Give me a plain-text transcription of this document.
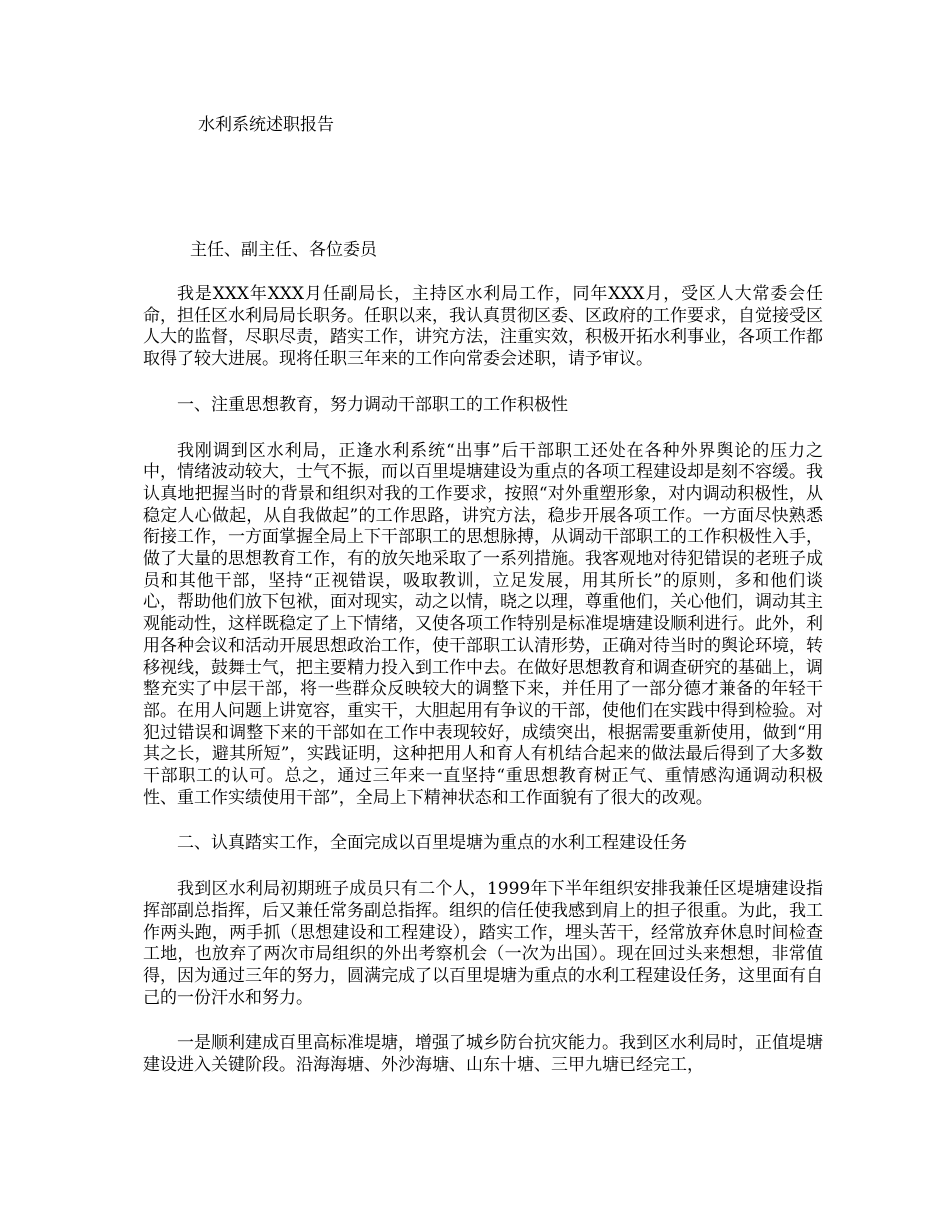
水利系统述职报告

主任、副主任、各位委员

我是XXX年XXX月任副局长，主持区水利局工作，同年XXX月，受区人大常委会任命，担任区水利局局长职务。任职以来，我认真贯彻区委、区政府的工作要求，自觉接受区人大的监督，尽职尽责，踏实工作，讲究方法，注重实效，积极开拓水利事业，各项工作都取得了较大进展。现将任职三年来的工作向常委会述职，请予审议。

一、注重思想教育，努力调动干部职工的工作积极性

我刚调到区水利局，正逢水利系统“出事”后干部职工还处在各种外界舆论的压力之中，情绪波动较大，士气不振，而以百里堤塘建设为重点的各项工程建设却是刻不容缓。我认真地把握当时的背景和组织对我的工作要求，按照“对外重塑形象，对内调动积极性，从稳定人心做起，从自我做起”的工作思路，讲究方法，稳步开展各项工作。一方面尽快熟悉衔接工作，一方面掌握全局上下干部职工的思想脉搏，从调动干部职工的工作积极性入手，做了大量的思想教育工作，有的放矢地采取了一系列措施。我客观地对待犯错误的老班子成员和其他干部，坚持“正视错误，吸取教训，立足发展，用其所长”的原则，多和他们谈心，帮助他们放下包袱，面对现实，动之以情，晓之以理，尊重他们，关心他们，调动其主观能动性，这样既稳定了上下情绪，又使各项工作特别是标准堤塘建设顺利进行。此外，利用各种会议和活动开展思想政治工作，使干部职工认清形势，正确对待当时的舆论环境，转移视线，鼓舞士气，把主要精力投入到工作中去。在做好思想教育和调查研究的基础上，调整充实了中层干部，将一些群众反映较大的调整下来，并任用了一部分德才兼备的年轻干部。在用人问题上讲宽容，重实干，大胆起用有争议的干部，使他们在实践中得到检验。对犯过错误和调整下来的干部如在工作中表现较好，成绩突出，根据需要重新使用，做到“用其之长，避其所短”，实践证明，这种把用人和育人有机结合起来的做法最后得到了大多数干部职工的认可。总之，通过三年来一直坚持“重思想教育树正气、重情感沟通调动积极性、重工作实绩使用干部”，全局上下精神状态和工作面貌有了很大的改观。

二、认真踏实工作，全面完成以百里堤塘为重点的水利工程建设任务

我到区水利局初期班子成员只有二个人，1999年下半年组织安排我兼任区堤塘建设指挥部副总指挥，后又兼任常务副总指挥。组织的信任使我感到肩上的担子很重。为此，我工作两头跑，两手抓（思想建设和工程建设），踏实工作，埋头苦干，经常放弃休息时间检查工地，也放弃了两次市局组织的外出考察机会（一次为出国）。现在回过头来想想，非常值得，因为通过三年的努力，圆满完成了以百里堤塘为重点的水利工程建设任务，这里面有自己的一份汗水和努力。

一是顺利建成百里高标准堤塘，增强了城乡防台抗灾能力。我到区水利局时，正值堤塘建设进入关键阶段。沿海海塘、外沙海塘、山东十塘、三甲九塘已经完工，
